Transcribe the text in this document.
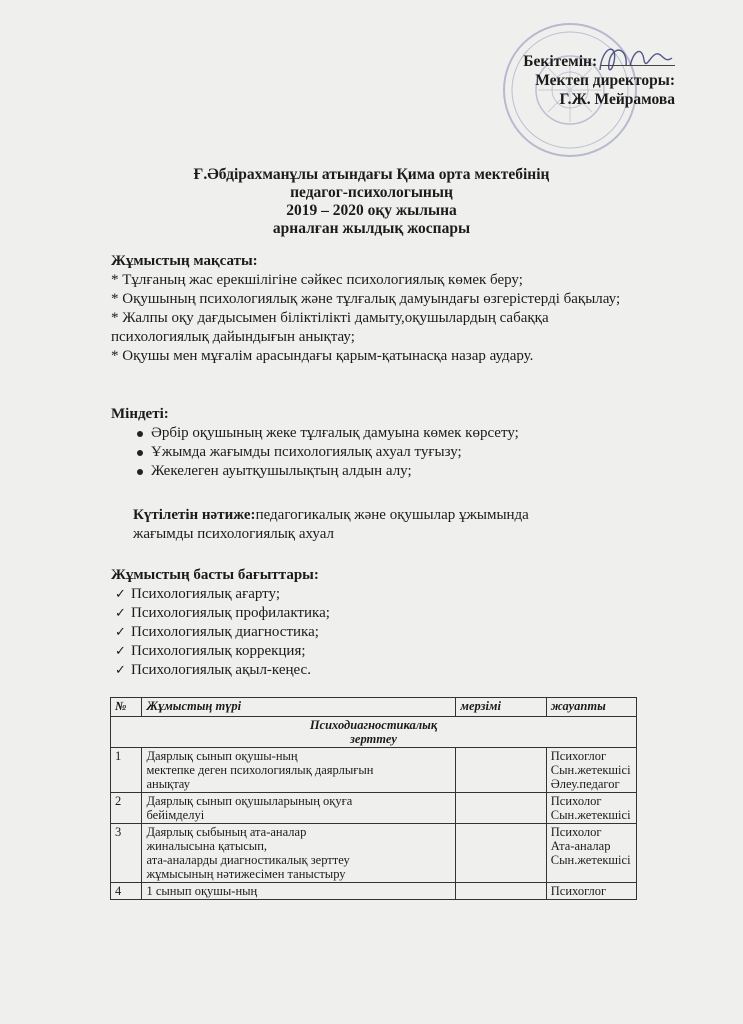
Бекітемін:
Мектеп директоры:
Г.Ж. Мейрамова
Ғ.Әбдірахманұлы атындағы Қима орта мектебінің
педагог-психологының
2019 – 2020 оқу жылына
арналған жылдық жоспары
Жұмыстың мақсаты:
* Тұлғаның жас ерекшілігіне сәйкес психологиялық көмек беру;
* Оқушының психологиялық және тұлғалық дамуындағы өзгерістерді бақылау;
* Жалпы оқу дағдысымен біліктілікті дамыту,оқушылардың сабаққа психологиялық дайындығын анықтау;
* Оқушы мен мұғалім арасындағы қарым-қатынасқа назар аудару.
Міндеті:
Әрбір оқушының жеке тұлғалық дамуына көмек көрсету;
Ұжымда жағымды психологиялық ахуал туғызу;
Жекелеген ауытқушылықтың алдын алу;
Күтілетін нәтиже:педагогикалық және оқушылар ұжымында жағымды психологиялық ахуал
Жұмыстың басты бағыттары:
✓ Психологиялық ағарту;
✓ Психологиялық профилактика;
✓ Психологиялық диагностика;
✓ Психологиялық коррекция;
✓ Психологиялық ақыл-кеңес.
№	Жұмыстың түрі	мерзімі	жауапты
Психодиагностикалық
зерттеу			
1	Даярлық сынып оқушы-ның
мектепке деген психологиялық даярлығын
анықтау		Психоглог
Сын.жетекшісі
Әлеу.педагог
2	Даярлық сынып оқушыларының оқуға
бейімделуі		Психолог
Сын.жетекшісі
3	Даярлық сыбының ата-аналар
жиналысына қатысып,
ата-аналарды диагностикалық зерттеу
жұмысының нәтижесімен таныстыру		Психолог
Ата-аналар
Сын.жетекшісі
4	1 сынып оқушы-ның		Психоглог
